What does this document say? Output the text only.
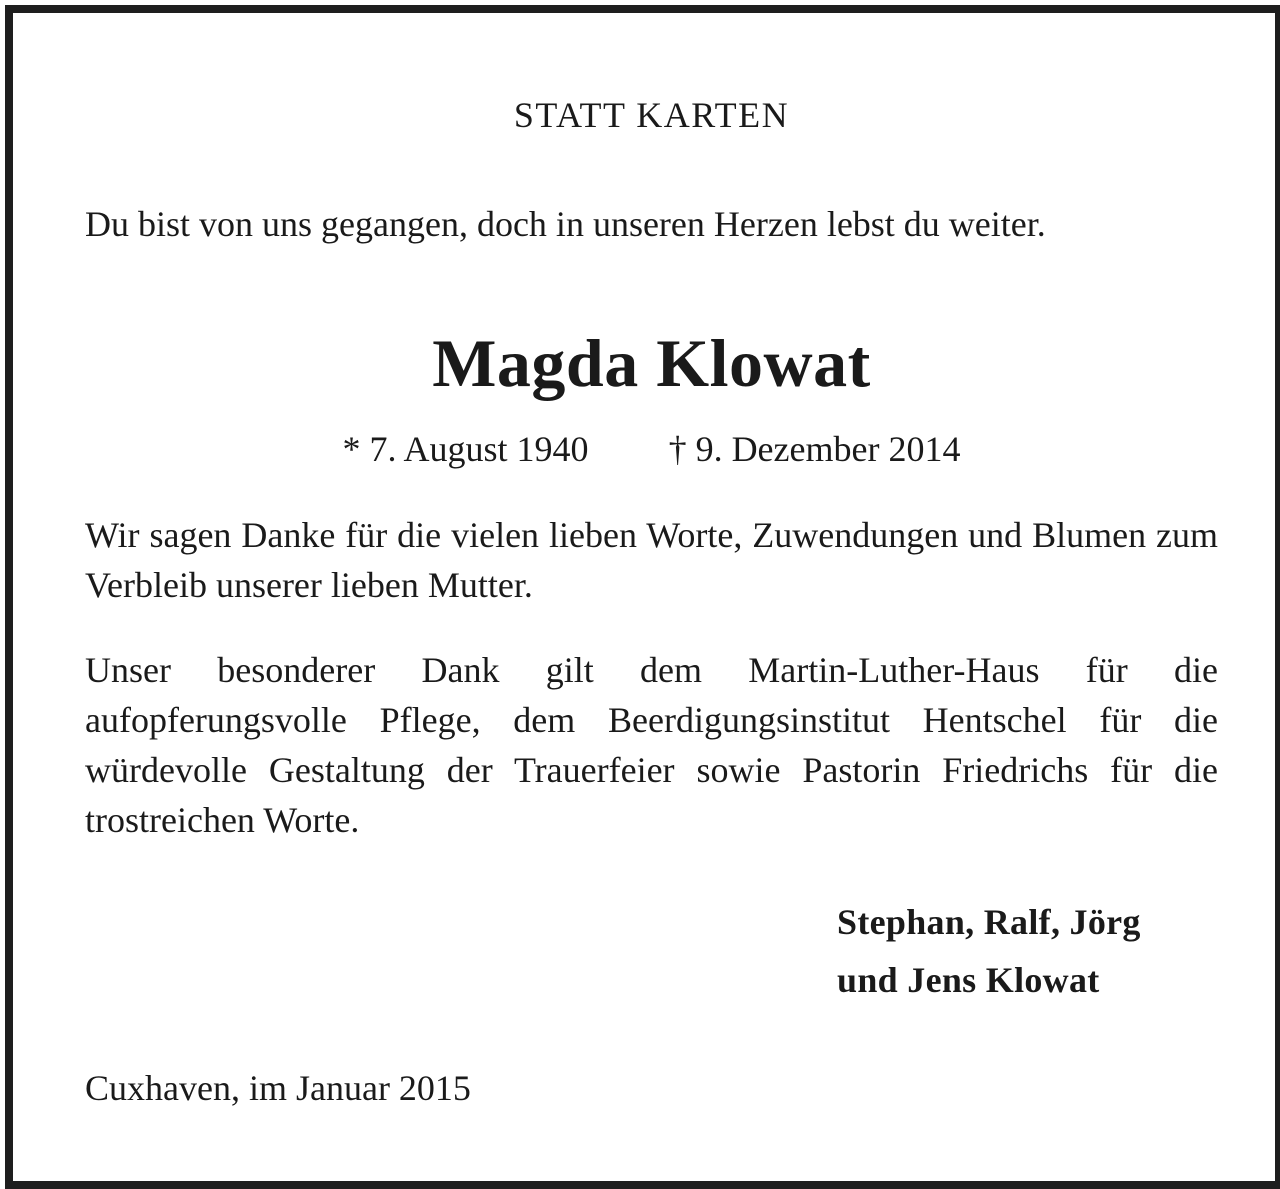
STATT KARTEN
Du bist von uns gegangen, doch in unseren Herzen lebst du weiter.
Magda Klowat
* 7. August 1940 † 9. Dezember 2014
Wir sagen Danke für die vielen lieben Worte, Zuwendungen und Blumen zum Verbleib unserer lieben Mutter.
Unser besonderer Dank gilt dem Martin-Luther-Haus für die aufopferungsvolle Pflege, dem Beerdigungsinstitut Hentschel für die würdevolle Gestaltung der Trauerfeier sowie Pastorin Friedrichs für die trostreichen Worte.
Stephan, Ralf, Jörg
und Jens Klowat
Cuxhaven, im Januar 2015
